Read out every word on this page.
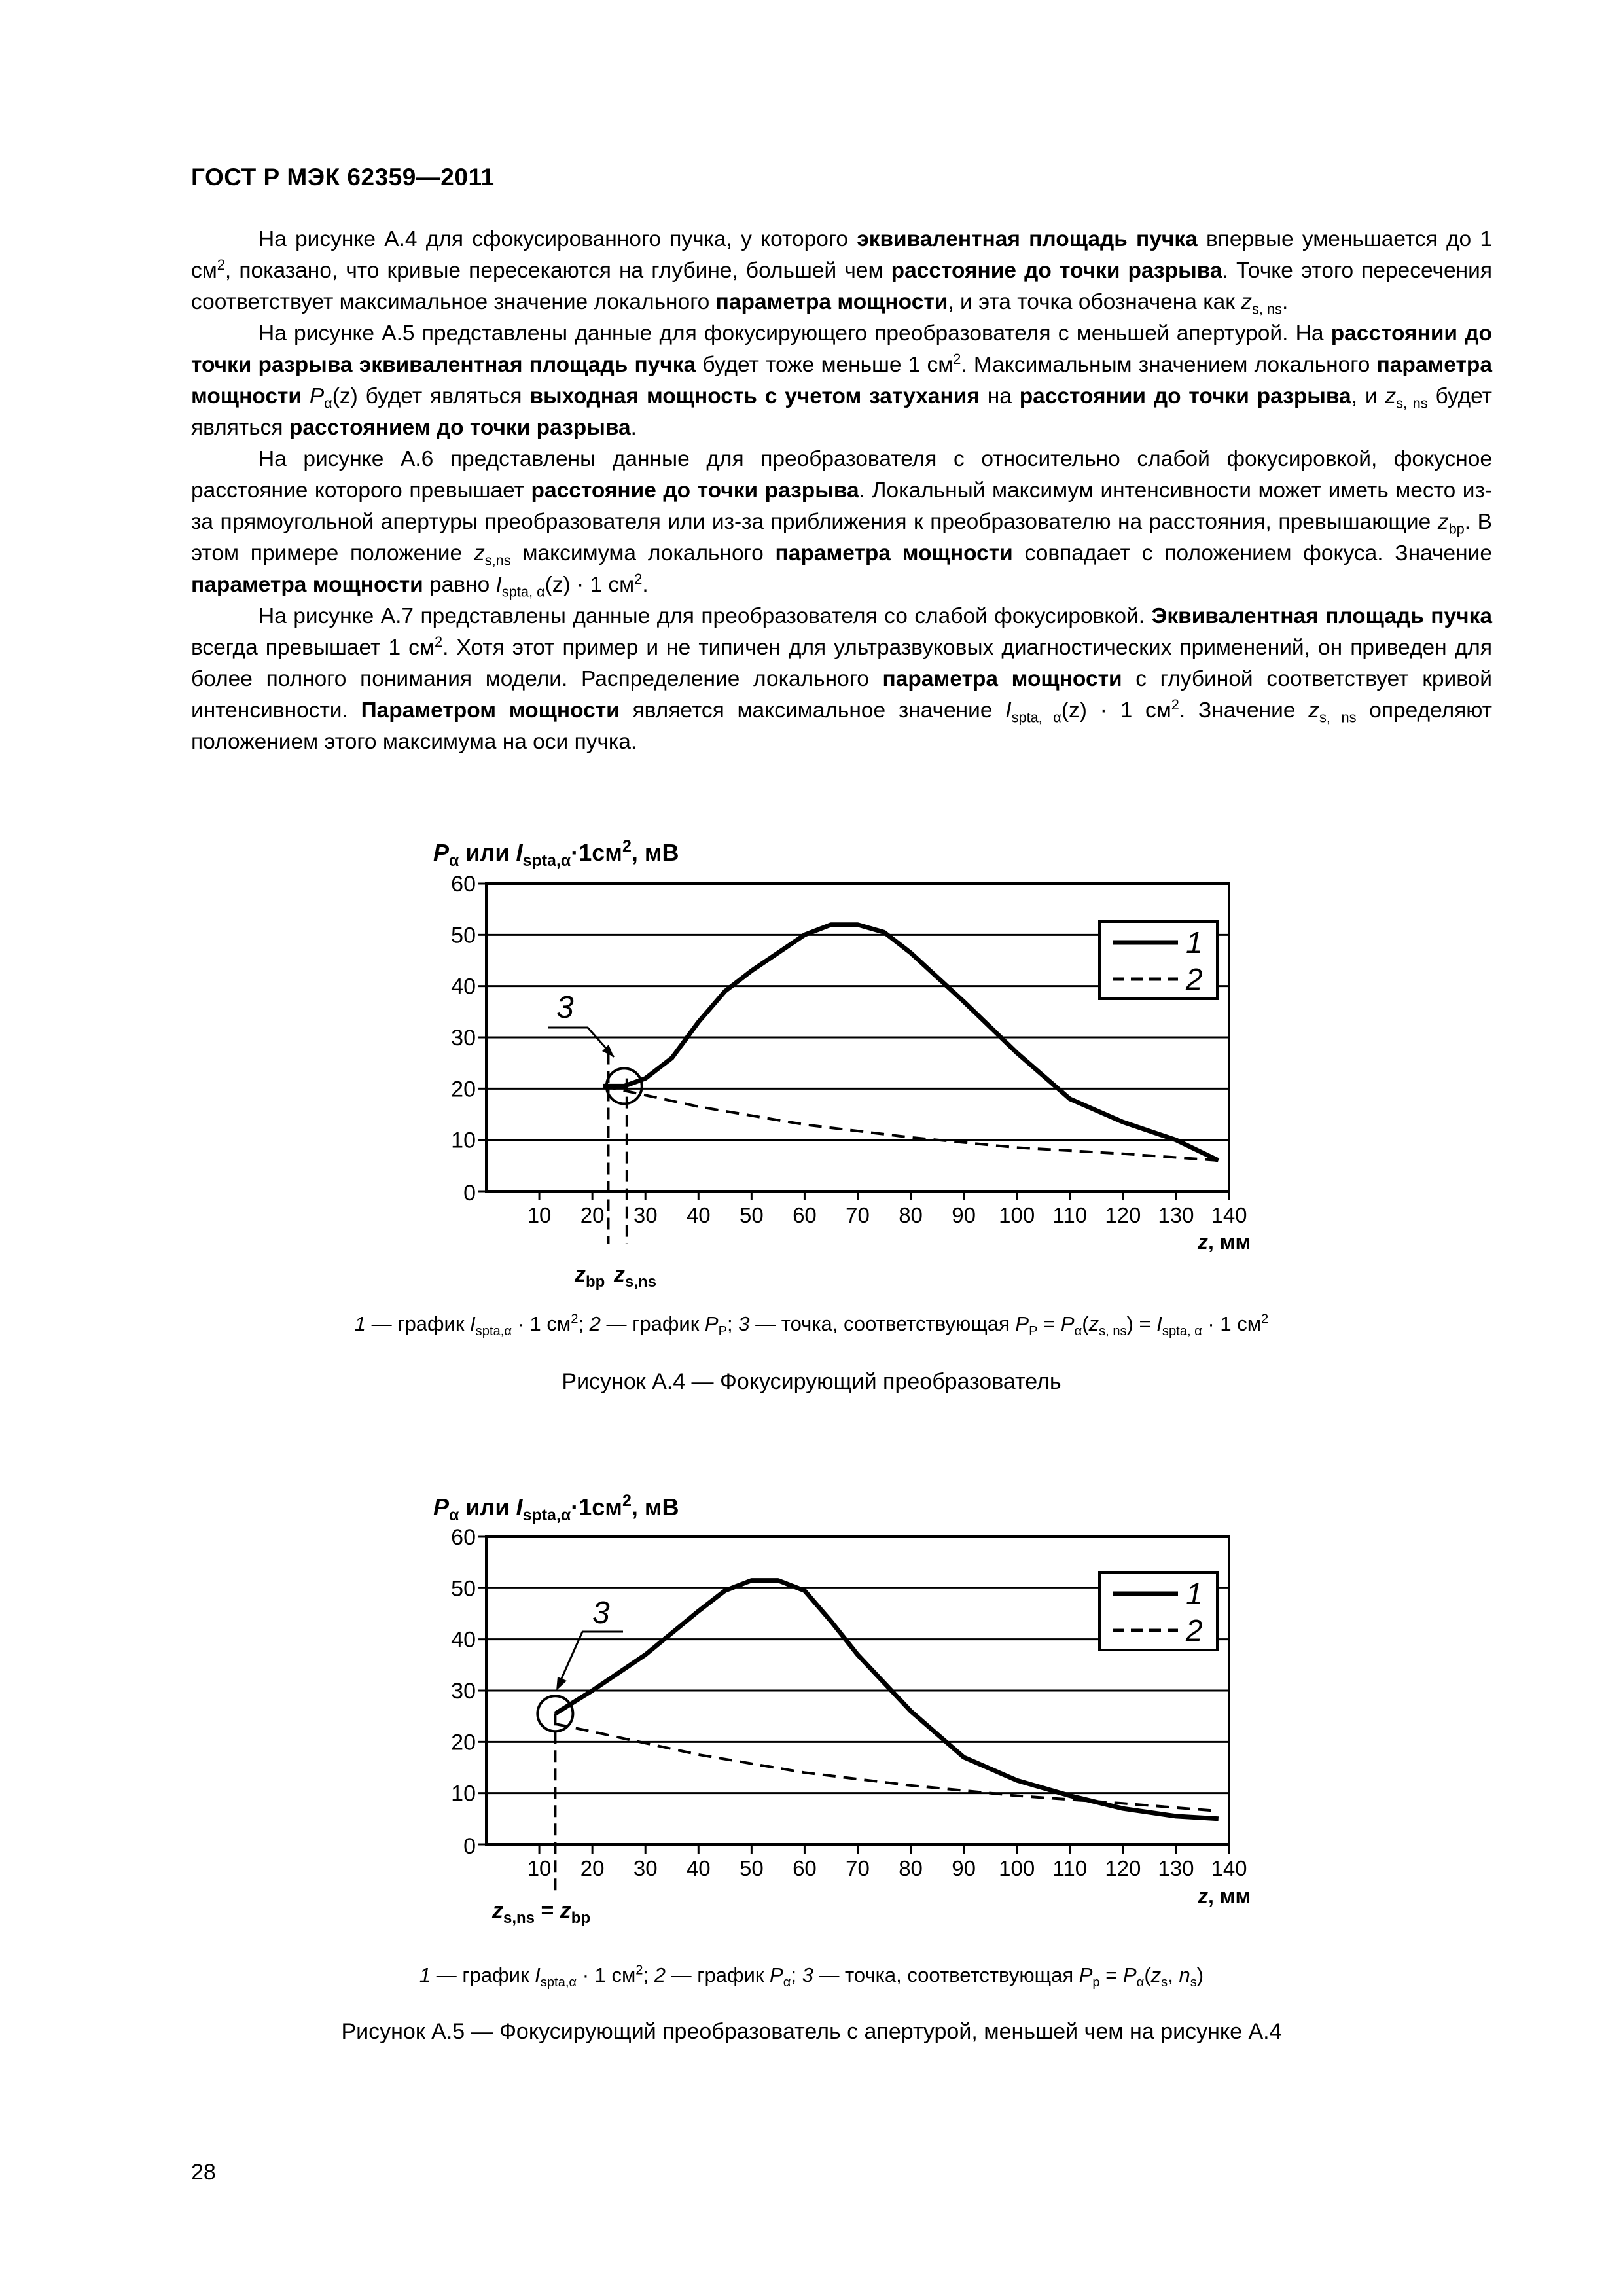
ГОСТ Р МЭК 62359—2011

На рисунке А.4 для сфокусированного пучка, у которого эквивалентная площадь пучка впервые уменьшается до 1 $см^2$, показано, что кривые пересекаются на глубине, большей чем расстояние до точки разрыва. Точке этого пересечения соответствует максимальное значение локального параметра мощности, и эта точка обозначена как $z_{s, ns}$.

На рисунке А.5 представлены данные для фокусирующего преобразователя с меньшей апертурой. На расстоянии до точки разрыва эквивалентная площадь пучка будет тоже меньше 1 $см^2$. Максимальным значением локального параметра мощности $P_\alpha(z)$ будет являться выходная мощность с учетом затухания на расстоянии до точки разрыва, и $z_{s, ns}$ будет являться расстоянием до точки разрыва.

На рисунке А.6 представлены данные для преобразователя с относительно слабой фокусировкой, фокусное расстояние которого превышает расстояние до точки разрыва. Локальный максимум интенсивности может иметь место из-за прямоугольной апертуры преобразователя или из-за приближения к преобразователю на расстояния, превышающие $z_{bp}$. В этом примере положение $z_{s,ns}$ максимума локального параметра мощности совпадает с положением фокуса. Значение параметра мощности равно $I_{spta, \alpha}(z) \cdot 1$ $см^2$.

На рисунке А.7 представлены данные для преобразователя со слабой фокусировкой. Эквивалентная площадь пучка всегда превышает 1 $см^2$. Хотя этот пример и не типичен для ультразвуковых диагностических применений, он приведен для более полного понимания модели. Распределение локального параметра мощности с глубиной соответствует кривой интенсивности. Параметром мощности является максимальное значение $I_{spta, \alpha}(z) \cdot 1$ $см^2$. Значение $z_{s, ns}$ определяют положением этого максимума на оси пучка.

60
50
40
30
20
10
0
10 20 30 40 50 60 70 80 90 100 110 120 130 140
$P_\alpha$ или $I_{spta,\alpha}\cdot 1см^2$, мВ
z, мм
1
2
3
$z_{bp}$ $z_{s,ns}$
1 — график $I_{spta,\alpha} \cdot 1$ $см^2$; 2 — график $P_P$; 3 — точка, соответствующая $P_P = P_\alpha(z_{s, ns}) = I_{spta, \alpha} \cdot 1$ $см^2$
Рисунок А.4 — Фокусирующий преобразователь
60
50
40
30
20
10
0
10 20 30 40 50 60 70 80 90 100 110 120 130 140
$P_\alpha$ или $I_{spta,\alpha}\cdot 1см^2$, мВ
z, мм
1
2
3
$z_{s,ns} = z_{bp}$
1 — график $I_{spta,\alpha} \cdot 1$ $см^2$; 2 — график $P_\alpha$; 3 — точка, соответствующая $P_p = P_\alpha(z_s$, $n_s$)
Рисунок А.5 — Фокусирующий преобразователь с апертурой, меньшей чем на рисунке А.4
28
